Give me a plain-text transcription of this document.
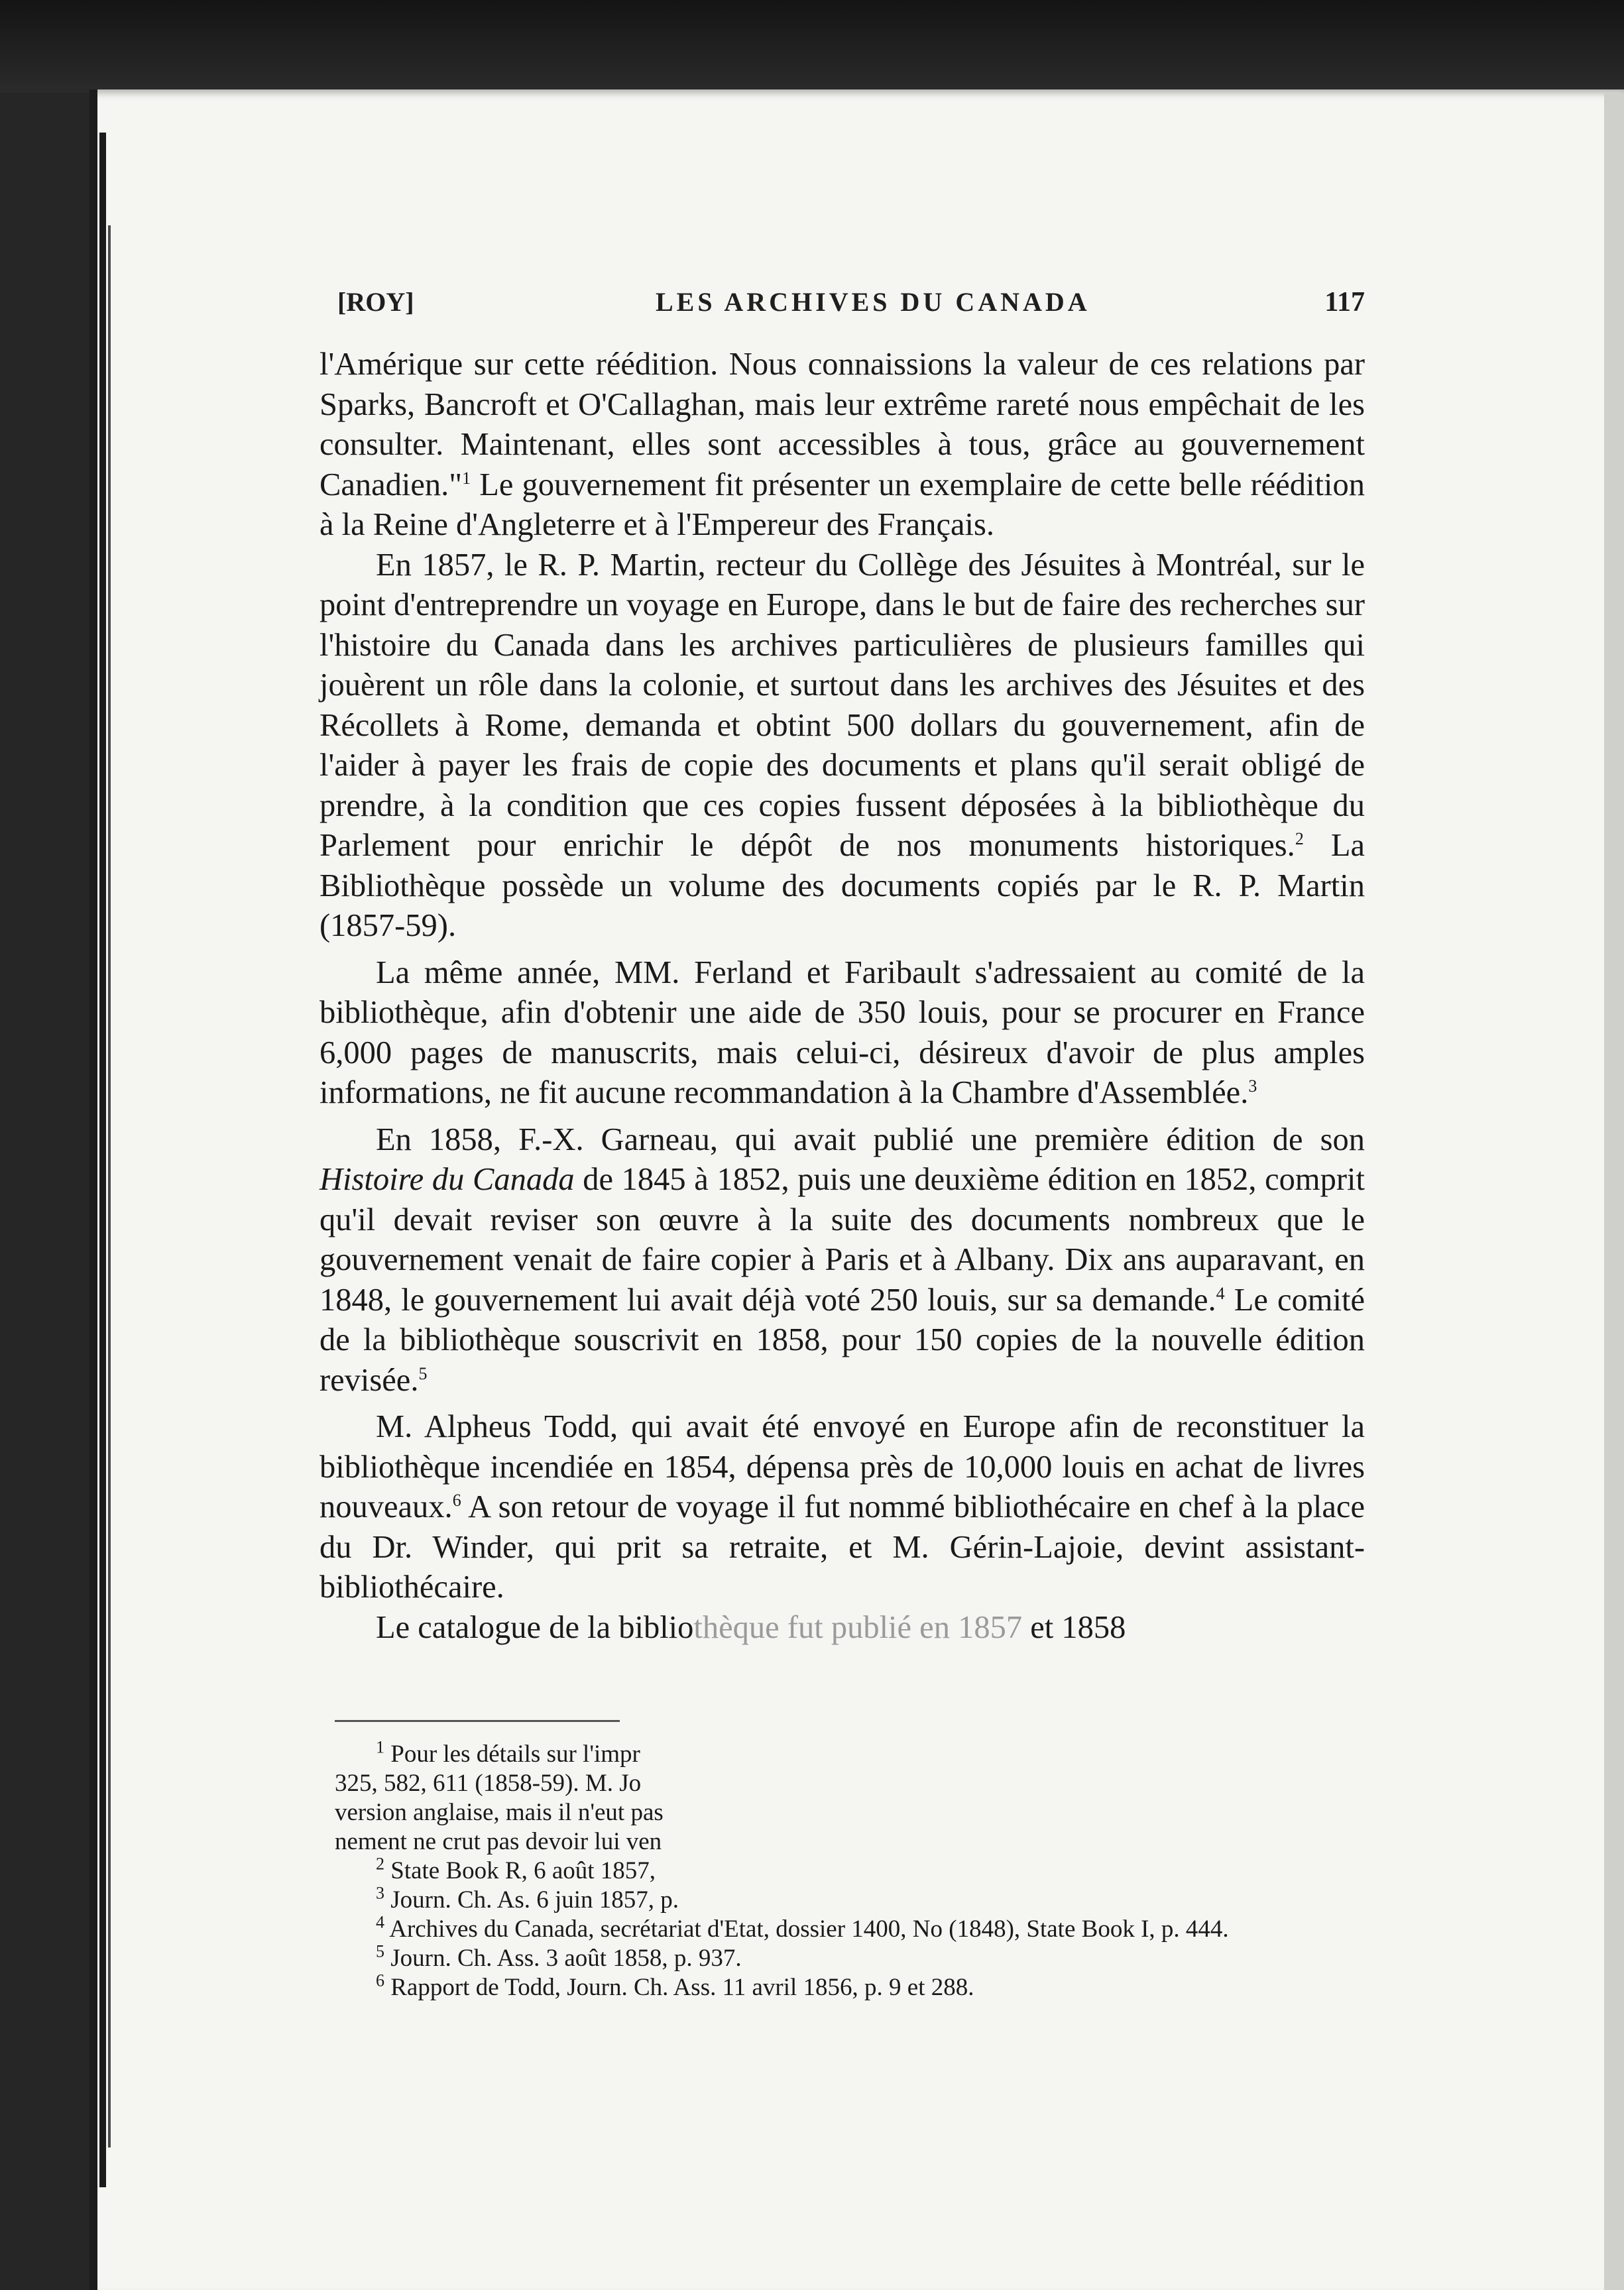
[ROY]	LES ARCHIVES DU CANADA	117

l'Amérique sur cette réédition. Nous connaissions la valeur de ces relations par Sparks, Bancroft et O'Callaghan, mais leur extrême rareté nous empêchait de les consulter. Maintenant, elles sont accessibles à tous, grâce au gouvernement Canadien."$^1$ Le gouvernement fit présenter un exemplaire de cette belle réédition à la Reine d'Angleterre et à l'Empereur des Français.

En 1857, le R. P. Martin, recteur du Collège des Jésuites à Montréal, sur le point d'entreprendre un voyage en Europe, dans le but de faire des recherches sur l'histoire du Canada dans les archives particulières de plusieurs familles qui jouèrent un rôle dans la colonie, et surtout dans les archives des Jésuites et des Récollets à Rome, demanda et obtint 500 dollars du gouvernement, afin de l'aider à payer les frais de copie des documents et plans qu'il serait obligé de prendre, à la condition que ces copies fussent déposées à la bibliothèque du Parlement pour enrichir le dépôt de nos monuments historiques.$^2$ La Bibliothèque possède un volume des documents copiés par le R. P. Martin (1857-59).

La même année, MM. Ferland et Faribault s'adressaient au comité de la bibliothèque, afin d'obtenir une aide de 350 louis, pour se procurer en France 6,000 pages de manuscrits, mais celui-ci, désireux d'avoir de plus amples informations, ne fit aucune recommandation à la Chambre d'Assemblée.$^3$

En 1858, F.-X. Garneau, qui avait publié une première édition de son Histoire du Canada de 1845 à 1852, puis une deuxième édition en 1852, comprit qu'il devait reviser son œuvre à la suite des documents nombreux que le gouvernement venait de faire copier à Paris et à Albany. Dix ans auparavant, en 1848, le gouvernement lui avait déjà voté 250 louis, sur sa demande.$^4$ Le comité de la bibliothèque souscrivit en 1858, pour 150 copies de la nouvelle édition revisée.$^5$

M. Alpheus Todd, qui avait été envoyé en Europe afin de reconstituer la bibliothèque incendiée en 1854, dépensa près de 10,000 louis en achat de livres nouveaux.$^6$ A son retour de voyage il fut nommé bibliothécaire en chef à la place du Dr. Winder, qui prit sa retraite, et M. Gérin-Lajoie, devint assistant-bibliothécaire.

Le catalogue de la bibliothèque fut publié en 1857 et 1858

$^1$ Pour les détails sur l'impr

325, 582, 611 (1858-59). M. Jo

version anglaise, mais il n'eut pas

nement ne crut pas devoir lui ven

$^2$ State Book R, 6 août 1857,

$^3$ Journ. Ch. As. 6 juin 1857, p.

$^4$ Archives du Canada, secrétariat d'Etat, dossier 1400, No (1848), State Book I, p. 444.

$^5$ Journ. Ch. Ass. 3 août 1858, p. 937.

$^6$ Rapport de Todd, Journ. Ch. Ass. 11 avril 1856, p. 9 et 288.
